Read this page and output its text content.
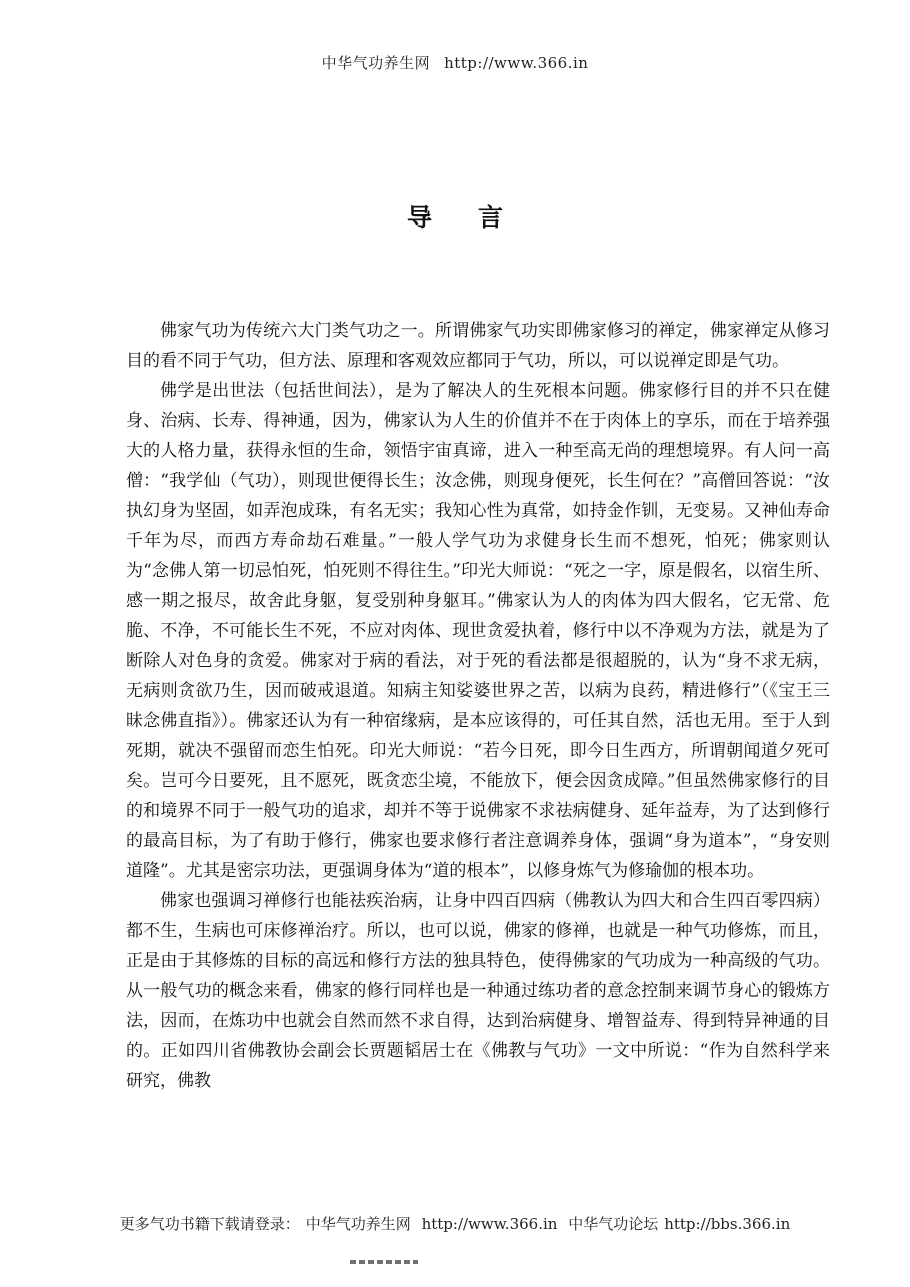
中华气功养生网 http://www.366.in
导言

佛家气功为传统六大门类气功之一。所谓佛家气功实即佛家修习的禅定，佛家禅定从修习目的看不同于气功，但方法、原理和客观效应都同于气功，所以，可以说禅定即是气功。

佛学是出世法（包括世间法），是为了解决人的生死根本问题。佛家修行目的并不只在健身、治病、长寿、得神通，因为，佛家认为人生的价值并不在于肉体上的享乐，而在于培养强大的人格力量，获得永恒的生命，领悟宇宙真谛，进入一种至高无尚的理想境界。有人问一高僧：“我学仙（气功），则现世便得长生；汝念佛，则现身便死，长生何在？”高僧回答说：“汝执幻身为坚固，如弄泡成珠，有名无实；我知心性为真常，如持金作钏，无变易。又神仙寿命千年为尽，而西方寿命劫石难量。”一般人学气功为求健身长生而不想死，怕死；佛家则认为“念佛人第一切忌怕死，怕死则不得往生。”印光大师说：“死之一字，原是假名，以宿生所、感一期之报尽，故舍此身躯，复受别种身躯耳。”佛家认为人的肉体为四大假名，它无常、危脆、不净，不可能长生不死，不应对肉体、现世贪爱执着，修行中以不净观为方法，就是为了断除人对色身的贪爱。佛家对于病的看法，对于死的看法都是很超脱的，认为“身不求无病，无病则贪欲乃生，因而破戒退道。知病主知娑婆世界之苦，以病为良药，精进修行”（《宝王三昧念佛直指》）。佛家还认为有一种宿缘病，是本应该得的，可任其自然，活也无用。至于人到死期，就决不强留而恋生怕死。印光大师说：“若今日死，即今日生西方，所谓朝闻道夕死可矣。岂可今日要死，且不愿死，既贪恋尘境，不能放下，便会因贪成障。”但虽然佛家修行的目的和境界不同于一般气功的追求，却并不等于说佛家不求祛病健身、延年益寿，为了达到修行的最高目标，为了有助于修行，佛家也要求修行者注意调养身体，强调“身为道本”，“身安则道隆”。尤其是密宗功法，更强调身体为“道的根本”，以修身炼气为修瑜伽的根本功。

佛家也强调习禅修行也能祛疾治病，让身中四百四病（佛教认为四大和合生四百零四病）都不生，生病也可床修禅治疗。所以，也可以说，佛家的修禅，也就是一种气功修炼，而且，正是由于其修炼的目标的高远和修行方法的独具特色，使得佛家的气功成为一种高级的气功。从一般气功的概念来看，佛家的修行同样也是一种通过练功者的意念控制来调节身心的锻炼方法，因而，在炼功中也就会自然而然不求自得，达到治病健身、增智益寿、得到特异神通的目的。正如四川省佛教协会副会长贾题韬居士在《佛教与气功》一文中所说：“作为自然科学来研究，佛教

更多气功书籍下载请登录： 中华气功养生网 http://www.366.in 中华气功论坛 http://bbs.366.in
